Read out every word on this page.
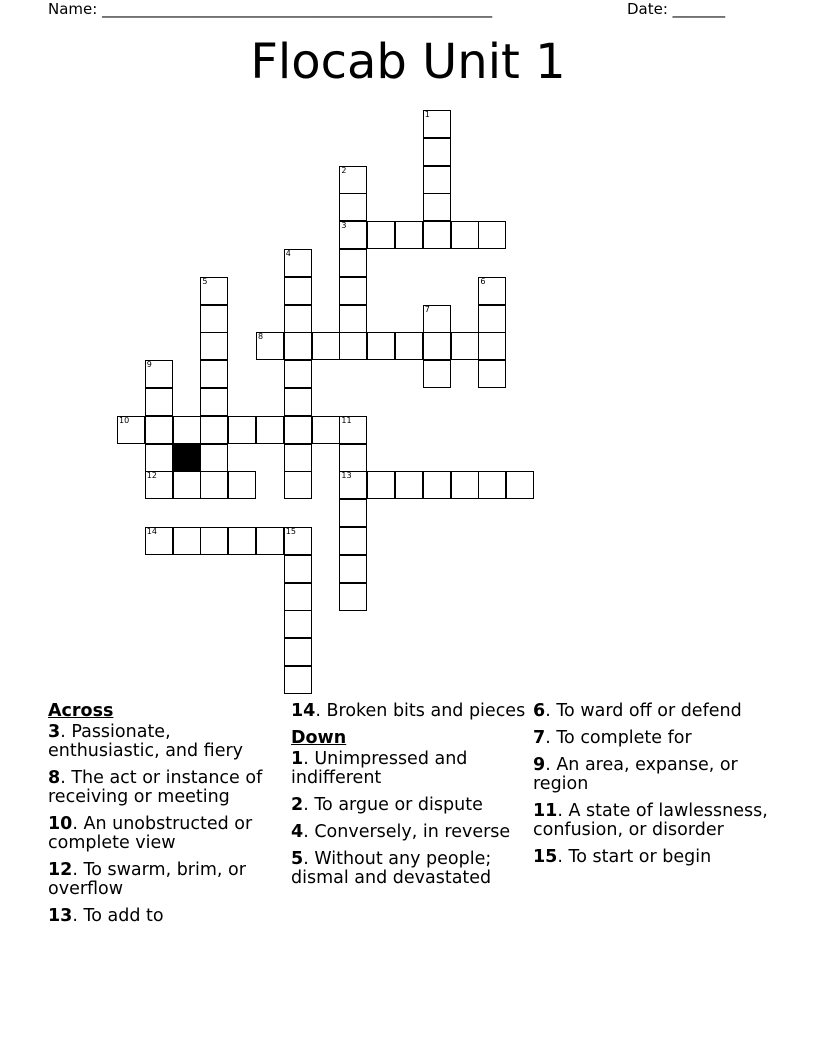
Name: ____________________________________________________	Date: _______
Flocab Unit 1
1
2
3
4
5	6
7
8
9
10	11
12	13
14	15
Across
3. Passionate, enthusiastic, and fiery
8. The act or instance of receiving or meeting
10. An unobstructed or complete view
12. To swarm, brim, or overflow
13. To add to
14. Broken bits and pieces
Down
1. Unimpressed and indifferent
2. To argue or dispute
4. Conversely, in reverse
5. Without any people; dismal and devastated
6. To ward off or defend
7. To complete for
9. An area, expanse, or region
11. A state of lawlessness, confusion, or disorder
15. To start or begin
